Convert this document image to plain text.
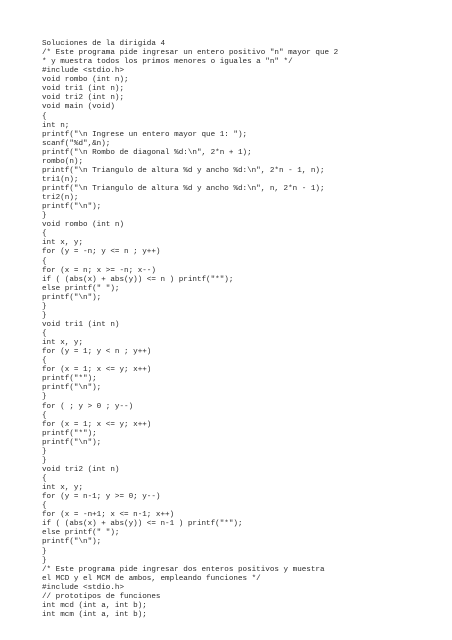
Soluciones de la dirigida 4
/* Este programa pide ingresar un entero positivo "n" mayor que 2
* y muestra todos los primos menores o iguales a "n" */
#include <stdio.h>
void rombo (int n);
void tri1 (int n);
void tri2 (int n);
void main (void)
{
int n;
printf("\n Ingrese un entero mayor que 1: ");
scanf("%d",&n);
printf("\n Rombo de diagonal %d:\n", 2*n + 1);
rombo(n);
printf("\n Triangulo de altura %d y ancho %d:\n", 2*n - 1, n);
tri1(n);
printf("\n Triangulo de altura %d y ancho %d:\n", n, 2*n - 1);
tri2(n);
printf("\n");
}
void rombo (int n)
{
int x, y;
for (y = -n; y <= n ; y++)
{
for (x = n; x >= -n; x--)
if ( (abs(x) + abs(y)) <= n ) printf("*");
else printf(" ");
printf("\n");
}
}
void tri1 (int n)
{
int x, y;
for (y = 1; y < n ; y++)
{
for (x = 1; x <= y; x++)
printf("*");
printf("\n");
}
for ( ; y > 0 ; y--)
{
for (x = 1; x <= y; x++)
printf("*");
printf("\n");
}
}
void tri2 (int n)
{
int x, y;
for (y = n-1; y >= 0; y--)
{
for (x = -n+1; x <= n-1; x++)
if ( (abs(x) + abs(y)) <= n-1 ) printf("*");
else printf(" ");
printf("\n");
}
}
/* Este programa pide ingresar dos enteros positivos y muestra
el MCD y el MCM de ambos, empleando funciones */
#include <stdio.h>
// prototipos de funciones
int mcd (int a, int b);
int mcm (int a, int b);
